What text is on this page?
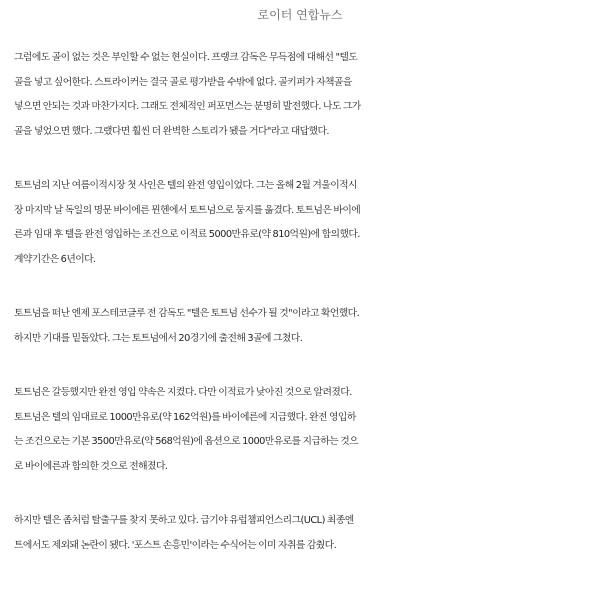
로이터 연합뉴스
그럼에도 골이 없는 것은 부인할 수 없는 현실이다. 프랭크 감독은 무득점에 대해선 "텔도
골을 넣고 싶어한다. 스트라이커는 결국 골로 평가받을 수밖에 없다. 골키퍼가 자책골을
넣으면 안되는 것과 마찬가지다. 그래도 전체적인 퍼포먼스는 분명히 발전했다. 나도 그가
골을 넣었으면 했다. 그랬다면 훨씬 더 완벽한 스토리가 됐을 거다"라고 대답했다.
토트넘의 지난 여름이적시장 첫 사인은 텔의 완전 영입이었다. 그는 올해 2월 겨울이적시
장 마지막 날 독일의 명문 바이에른 뮌헨에서 토트넘으로 둥지를 옮겼다. 토트넘은 바이에
른과 임대 후 텔을 완전 영입하는 조건으로 이적료 5000만유로(약 810억원)에 합의했다.
계약기간은 6년이다.
토트넘을 떠난 엔제 포스테코글루 전 감독도 "텔은 토트넘 선수가 될 것"이라고 확언했다.
하지만 기대를 밑돌았다. 그는 토트넘에서 20경기에 출전해 3골에 그쳤다.
토트넘은 갈등했지만 완전 영입 약속은 지켰다. 다만 이적료가 낮아진 것으로 알려졌다.
토트넘은 텔의 임대료로 1000만유로(약 162억원)를 바이에른에 지급했다. 완전 영입하
는 조건으로는 기본 3500만유로(약 568억원)에 옵션으로 1000만유로를 지급하는 것으
로 바이에른과 합의한 것으로 전해졌다.
하지만 텔은 좀처럼 탈출구를 찾지 못하고 있다. 급기야 유럽챔피언스리그(UCL) 최종엔
트에서도 제외돼 논란이 됐다. '포스트 손흥민'이라는 수식어는 이미 자취를 감췄다.
